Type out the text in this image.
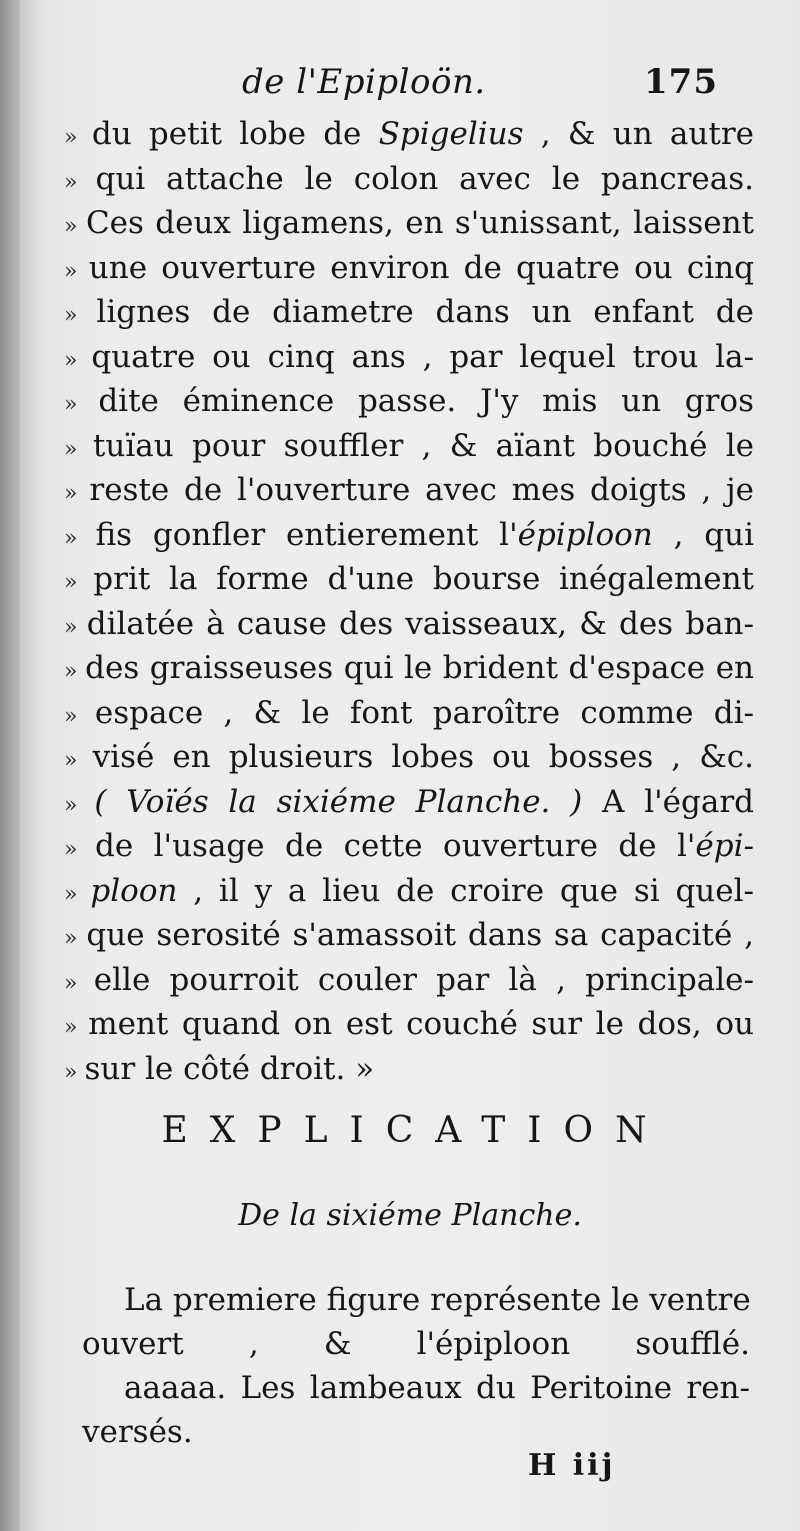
de l'Epiploön.	175
» du petit lobe de Spigelius , & un autre
» qui attache le colon avec le pancreas.
» Ces deux ligamens, en s'unissant, laissent
» une ouverture environ de quatre ou cinq
» lignes de diametre dans un enfant de
» quatre ou cinq ans , par lequel trou la-
» dite éminence passe. J'y mis un gros
» tuïau pour souffler , & aïant bouché le
» reste de l'ouverture avec mes doigts , je
» fis gonfler entierement l'épiploon , qui
» prit la forme d'une bourse inégalement
» dilatée à cause des vaisseaux, & des ban-
» des graisseuses qui le brident d'espace en
» espace , & le font paroître comme di-
» visé en plusieurs lobes ou bosses , &c.
» ( Voïés la sixiéme Planche. ) A l'égard
» de l'usage de cette ouverture de l'épi-
» ploon , il y a lieu de croire que si quel-
» que serosité s'amassoit dans sa capacité ,
» elle pourroit couler par là , principale-
» ment quand on est couché sur le dos, ou
» sur le côté droit. »
EXPLICATION
De la sixiéme Planche.
La premiere figure représente le ventre
ouvert , & l'épiploon soufflé.
aaaaa. Les lambeaux du Peritoine ren-
versés.
H iij
